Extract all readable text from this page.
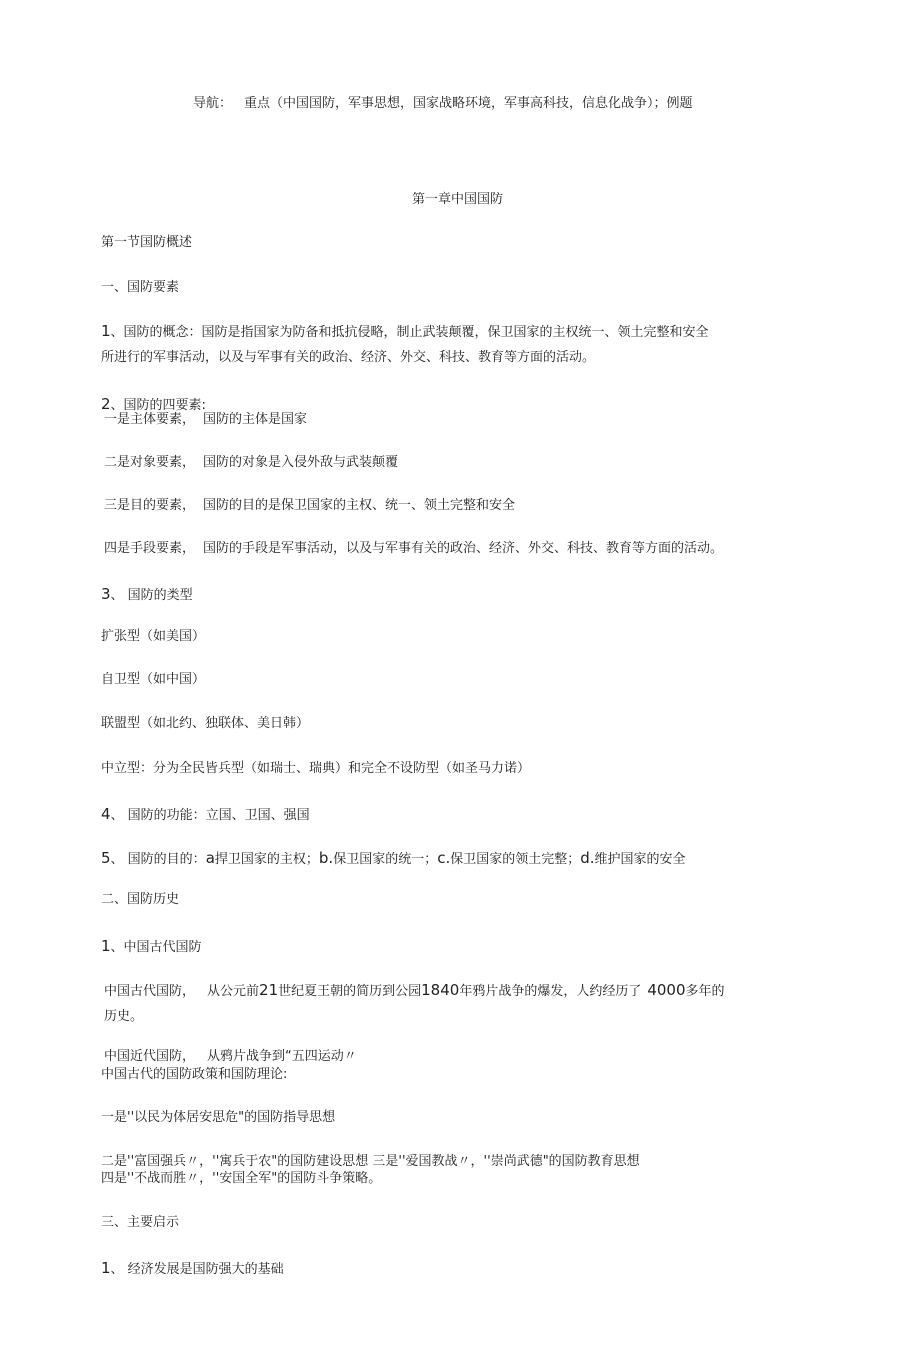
导航： 重点（中国国防，军事思想，国家战略环境，军事高科技，信息化战争）；例题
第一章中国国防
第一节国防概述
一、国防要素
1、国防的概念：国防是指国家为防备和抵抗侵略，制止武装颠覆，保卫国家的主权统一、领土完整和安全
所进行的军事活动，以及与军事有关的政治、经济、外交、科技、教育等方面的活动。
2、国防的四要素:
一是主体要素， 国防的主体是国家
二是对象要素， 国防的对象是入侵外敌与武装颠覆
三是目的要素， 国防的目的是保卫国家的主权、统一、领土完整和安全
四是手段要素， 国防的手段是军事活动，以及与军事有关的政治、经济、外交、科技、教育等方面的活动。
3、 国防的类型
扩张型（如美国）
自卫型（如中国）
联盟型（如北约、独联体、美日韩）
中立型：分为全民皆兵型（如瑞士、瑞典）和完全不设防型（如圣马力诺）
4、 国防的功能：立国、卫国、强国
5、 国防的目的：a捍卫国家的主权；b.保卫国家的统一；c.保卫国家的领土完整；d.维护国家的安全
二、国防历史
1、中国古代国防
中国古代国防， 从公元前21世纪夏王朝的简历到公园1840年鸦片战争的爆发，人约经历了 4000多年的
历史。
中国近代国防， 从鸦片战争到“五四运动〃
中国古代的国防政策和国防理论:
一是''以民为体居安思危"的国防指导思想
二是''富国强兵〃，''寓兵于农"的国防建设思想 三是''爱国教战〃，''崇尚武德"的国防教育思想
四是''不战而胜〃，''安国全军"的国防斗争策略。
三、主要启示
1、 经济发展是国防强大的基础
